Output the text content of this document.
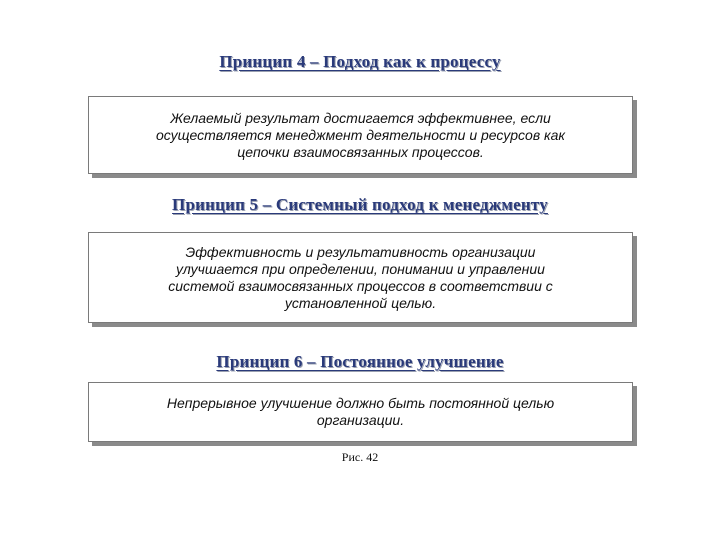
Принцип 4 – Подход как к процессу
Желаемый результат достигается эффективнее, если
осуществляется менеджмент деятельности и ресурсов как
цепочки взаимосвязанных процессов.
Принцип 5 – Системный подход к менеджменту
Эффективность и результативность организации
улучшается при определении, понимании и управлении
системой взаимосвязанных процессов в соответствии с
установленной целью.
Принцип 6 – Постоянное улучшение
Непрерывное улучшение должно быть постоянной целью
организации.
Рис. 42
